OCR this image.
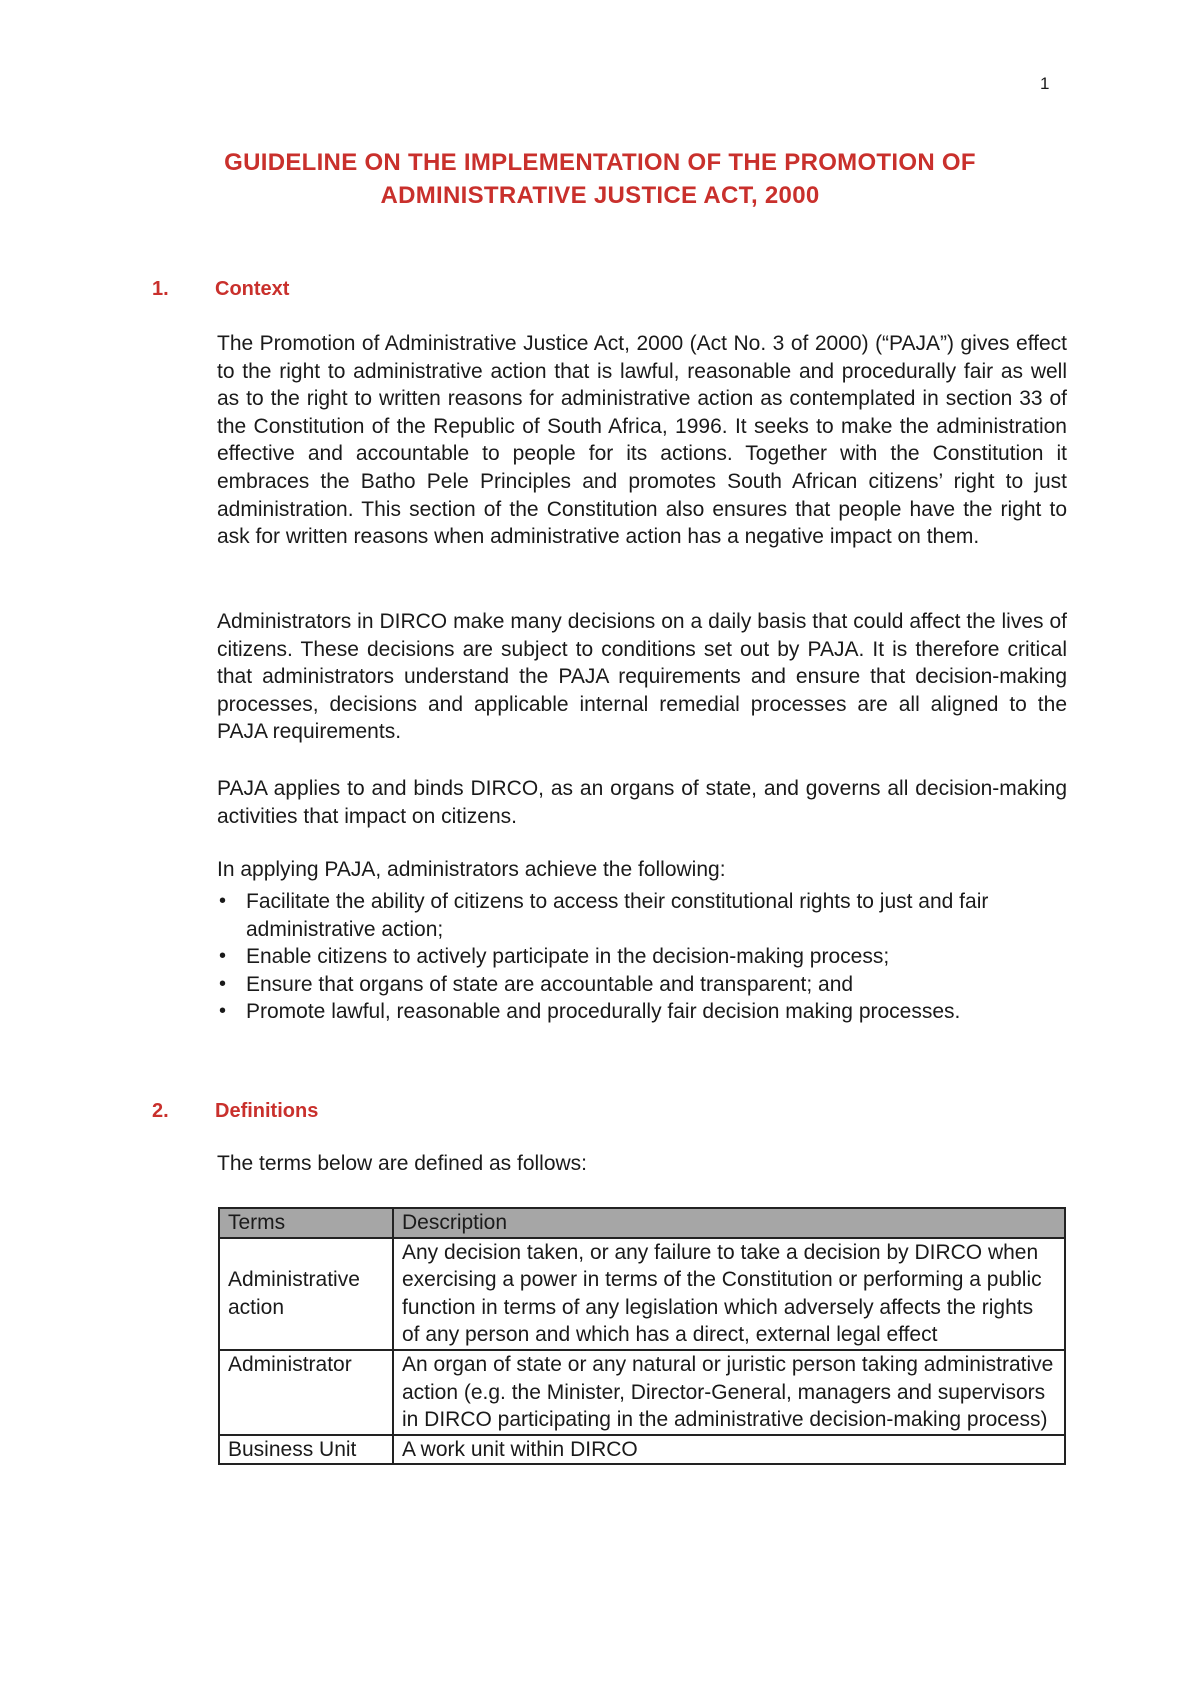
1
GUIDELINE ON THE IMPLEMENTATION OF THE PROMOTION OF
ADMINISTRATIVE JUSTICE ACT, 2000
1.	Context

The Promotion of Administrative Justice Act, 2000 (Act No. 3 of 2000) (“PAJA”) gives effect to the right to administrative action that is lawful, reasonable and procedurally fair as well as to the right to written reasons for administrative action as contemplated in section 33 of the Constitution of the Republic of South Africa, 1996. It seeks to make the administration effective and accountable to people for its actions. Together with the Constitution it embraces the Batho Pele Principles and promotes South African citizens’ right to just administration. This section of the Constitution also ensures that people have the right to ask for written reasons when administrative action has a negative impact on them.

Administrators in DIRCO make many decisions on a daily basis that could affect the lives of citizens. These decisions are subject to conditions set out by PAJA. It is therefore critical that administrators understand the PAJA requirements and ensure that decision-making processes, decisions and applicable internal remedial processes are all aligned to the PAJA requirements.

PAJA applies to and binds DIRCO, as an organs of state, and governs all decision-making activities that impact on citizens.

In applying PAJA, administrators achieve the following:

• Facilitate the ability of citizens to access their constitutional rights to just and fair administrative action;
• Enable citizens to actively participate in the decision-making process;
• Ensure that organs of state are accountable and transparent; and
• Promote lawful, reasonable and procedurally fair decision making processes.
2.	Definitions

The terms below are defined as follows:

Terms	Description
Administrative action	Any decision taken, or any failure to take a decision by DIRCO when exercising a power in terms of the Constitution or performing a public function in terms of any legislation which adversely affects the rights of any person and which has a direct, external legal effect
Administrator	An organ of state or any natural or juristic person taking administrative action (e.g. the Minister, Director-General, managers and supervisors in DIRCO participating in the administrative decision-making process)
Business Unit	A work unit within DIRCO
